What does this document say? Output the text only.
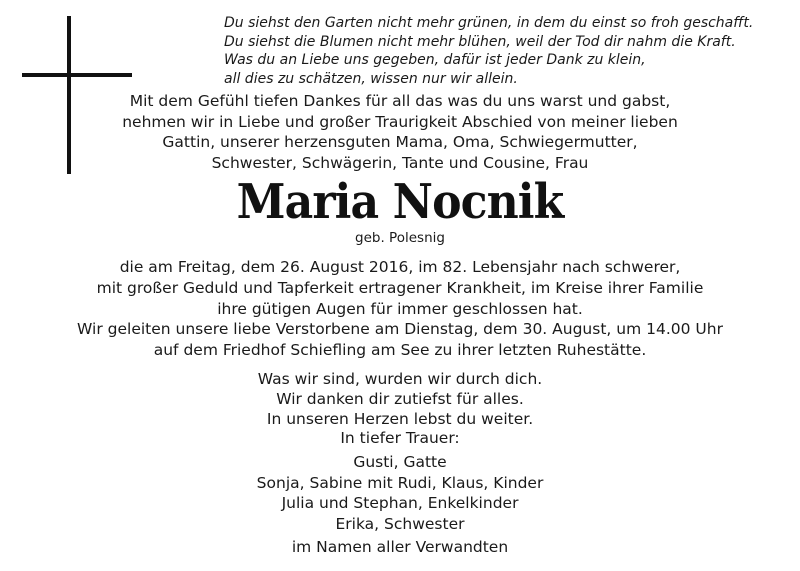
Du siehst den Garten nicht mehr grünen, in dem du einst so froh geschafft.
Du siehst die Blumen nicht mehr blühen, weil der Tod dir nahm die Kraft.
Was du an Liebe uns gegeben, dafür ist jeder Dank zu klein,
all dies zu schätzen, wissen nur wir allein.
Mit dem Gefühl tiefen Dankes für all das was du uns warst und gabst,
nehmen wir in Liebe und großer Traurigkeit Abschied von meiner lieben
Gattin, unserer herzensguten Mama, Oma, Schwiegermutter,
Schwester, Schwägerin, Tante und Cousine, Frau
Maria Nocnik
geb. Polesnig
die am Freitag, dem 26. August 2016, im 82. Lebensjahr nach schwerer,
mit großer Geduld und Tapferkeit ertragener Krankheit, im Kreise ihrer Familie
ihre gütigen Augen für immer geschlossen hat.
Wir geleiten unsere liebe Verstorbene am Dienstag, dem 30. August, um 14.00 Uhr
auf dem Friedhof Schiefling am See zu ihrer letzten Ruhestätte.
Was wir sind, wurden wir durch dich.
Wir danken dir zutiefst für alles.
In unseren Herzen lebst du weiter.
In tiefer Trauer:
Gusti, Gatte
Sonja, Sabine mit Rudi, Klaus, Kinder
Julia und Stephan, Enkelkinder
Erika, Schwester
im Namen aller Verwandten
